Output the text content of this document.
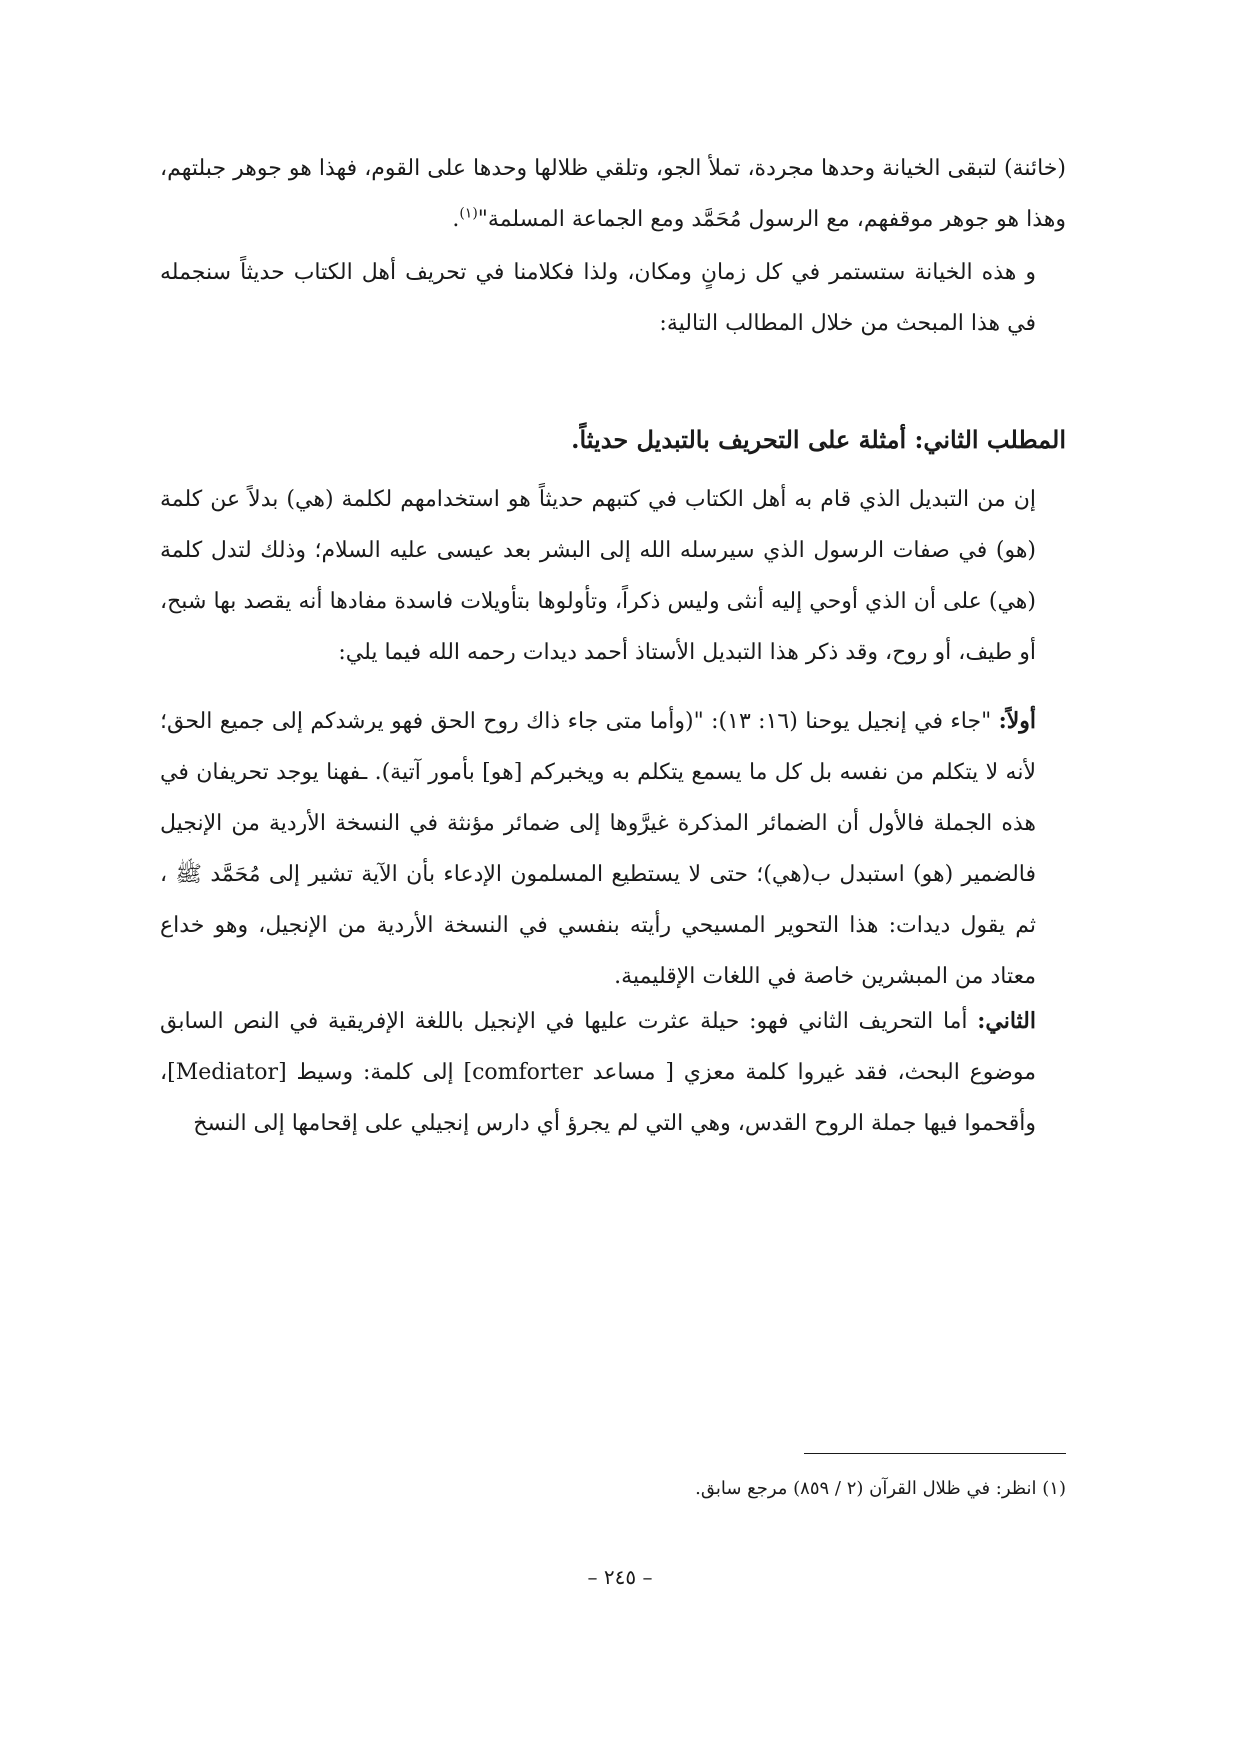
(خائنة) لتبقى الخيانة وحدها مجردة، تملأ الجو، وتلقي ظلالها وحدها على القوم، فهذا هو جوهر جبلتهم، وهذا هو جوهر موقفهم، مع الرسول مُحَمَّد ومع الجماعة المسلمة"$^{(١)}$.

و هذه الخيانة ستستمر في كل زمانٍ ومكان، ولذا فكلامنا في تحريف أهل الكتاب حديثاً سنجمله في هذا المبحث من خلال المطالب التالية:

المطلب الثاني: أمثلة على التحريف بالتبديل حديثاً.

إن من التبديل الذي قام به أهل الكتاب في كتبهم حديثاً هو استخدامهم لكلمة (هي) بدلاً عن كلمة (هو) في صفات الرسول الذي سيرسله الله إلى البشر بعد عيسى عليه السلام؛ وذلك لتدل كلمة (هي) على أن الذي أوحي إليه أنثى وليس ذكراً، وتأولوها بتأويلات فاسدة مفادها أنه يقصد بها شبح، أو طيف، أو روح، وقد ذكر هذا التبديل الأستاذ أحمد ديدات رحمه الله فيما يلي:

أولاً: "جاء في إنجيل يوحنا (١٦: ١٣): "(وأما متى جاء ذاك روح الحق فهو يرشدكم إلى جميع الحق؛ لأنه لا يتكلم من نفسه بل كل ما يسمع يتكلم به ويخبركم [هو] بأمور آتية). ـفهنا يوجد تحريفان في هذه الجملة فالأول أن الضمائر المذكرة غيرَّوها إلى ضمائر مؤنثة في النسخة الأردية من الإنجيل فالضمير (هو) استبدل ب(هي)؛ حتى لا يستطيع المسلمون الإدعاء بأن الآية تشير إلى مُحَمَّد ﷺ ، ثم يقول ديدات: هذا التحوير المسيحي رأيته بنفسي في النسخة الأردية من الإنجيل، وهو خداع معتاد من المبشرين خاصة في اللغات الإقليمية.

الثاني: أما التحريف الثاني فهو: حيلة عثرت عليها في الإنجيل باللغة الإفريقية في النص السابق موضوع البحث، فقد غيروا كلمة معزي [ مساعد comforter] إلى كلمة: وسيط [Mediator]، وأقحموا فيها جملة الروح القدس، وهي التي لم يجرؤ أي دارس إنجيلي على إقحامها إلى النسخ

(١) انظر: في ظلال القرآن (٢ / ٨٥٩) مرجع سابق.
– ٢٤٥ –
